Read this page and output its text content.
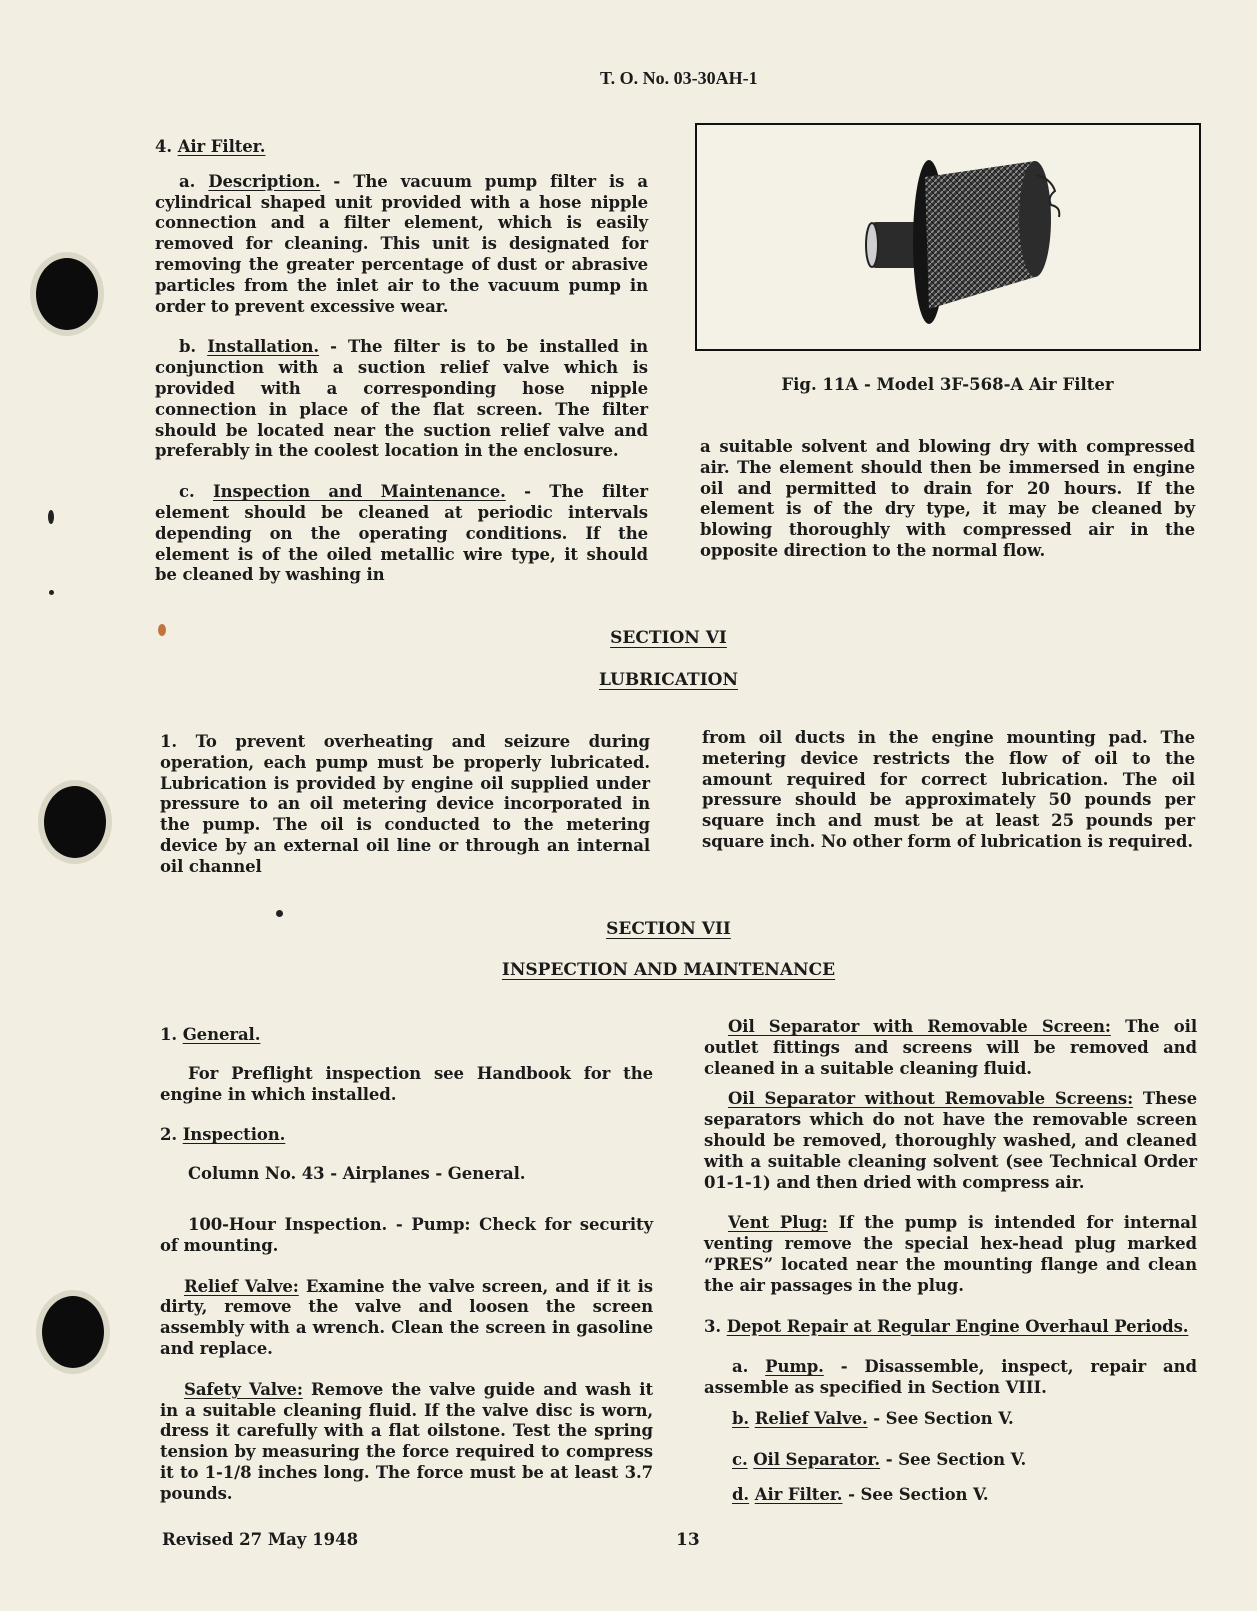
T. O. No. 03-30AH-1

4. Air Filter.

a. Description. - The vacuum pump filter is a cylindrical shaped unit provided with a hose nipple connection and a filter element, which is easily removed for cleaning. This unit is designated for removing the greater percentage of dust or abrasive particles from the inlet air to the vacuum pump in order to prevent excessive wear.

b. Installation. - The filter is to be installed in conjunction with a suction relief valve which is provided with a corresponding hose nipple connection in place of the flat screen. The filter should be located near the suction relief valve and preferably in the coolest location in the enclosure.

c. Inspection and Maintenance. - The filter element should be cleaned at periodic intervals depending on the operating conditions. If the element is of the oiled metallic wire type, it should be cleaned by washing in

Fig. 11A - Model 3F-568-A Air Filter

a suitable solvent and blowing dry with compressed air. The element should then be immersed in engine oil and permitted to drain for 20 hours. If the element is of the dry type, it may be cleaned by blowing thoroughly with compressed air in the opposite direction to the normal flow.

SECTION VI
LUBRICATION

1. To prevent overheating and seizure during operation, each pump must be properly lubricated. Lubrication is provided by engine oil supplied under pressure to an oil metering device incorporated in the pump. The oil is conducted to the metering device by an external oil line or through an internal oil channel

from oil ducts in the engine mounting pad. The metering device restricts the flow of oil to the amount required for correct lubrication. The oil pressure should be approximately 50 pounds per square inch and must be at least 25 pounds per square inch. No other form of lubrication is required.

SECTION VII
INSPECTION AND MAINTENANCE

1. General.

For Preflight inspection see Handbook for the engine in which installed.

2. Inspection.

Column No. 43 - Airplanes - General.

100-Hour Inspection. - Pump: Check for security of mounting.

Relief Valve: Examine the valve screen, and if it is dirty, remove the valve and loosen the screen assembly with a wrench. Clean the screen in gasoline and replace.

Safety Valve: Remove the valve guide and wash it in a suitable cleaning fluid. If the valve disc is worn, dress it carefully with a flat oilstone. Test the spring tension by measuring the force required to compress it to 1-1/8 inches long. The force must be at least 3.7 pounds.

Oil Separator with Removable Screen: The oil outlet fittings and screens will be removed and cleaned in a suitable cleaning fluid.

Oil Separator without Removable Screens: These separators which do not have the removable screen should be removed, thoroughly washed, and cleaned with a suitable cleaning solvent (see Technical Order 01-1-1) and then dried with compress air.

Vent Plug: If the pump is intended for internal venting remove the special hex-head plug marked “PRES” located near the mounting flange and clean the air passages in the plug.

3. Depot Repair at Regular Engine Overhaul Periods.

a. Pump. - Disassemble, inspect, repair and assemble as specified in Section VIII.

b. Relief Valve. - See Section V.

c. Oil Separator. - See Section V.

d. Air Filter. - See Section V.

Revised 27 May 1948	13
